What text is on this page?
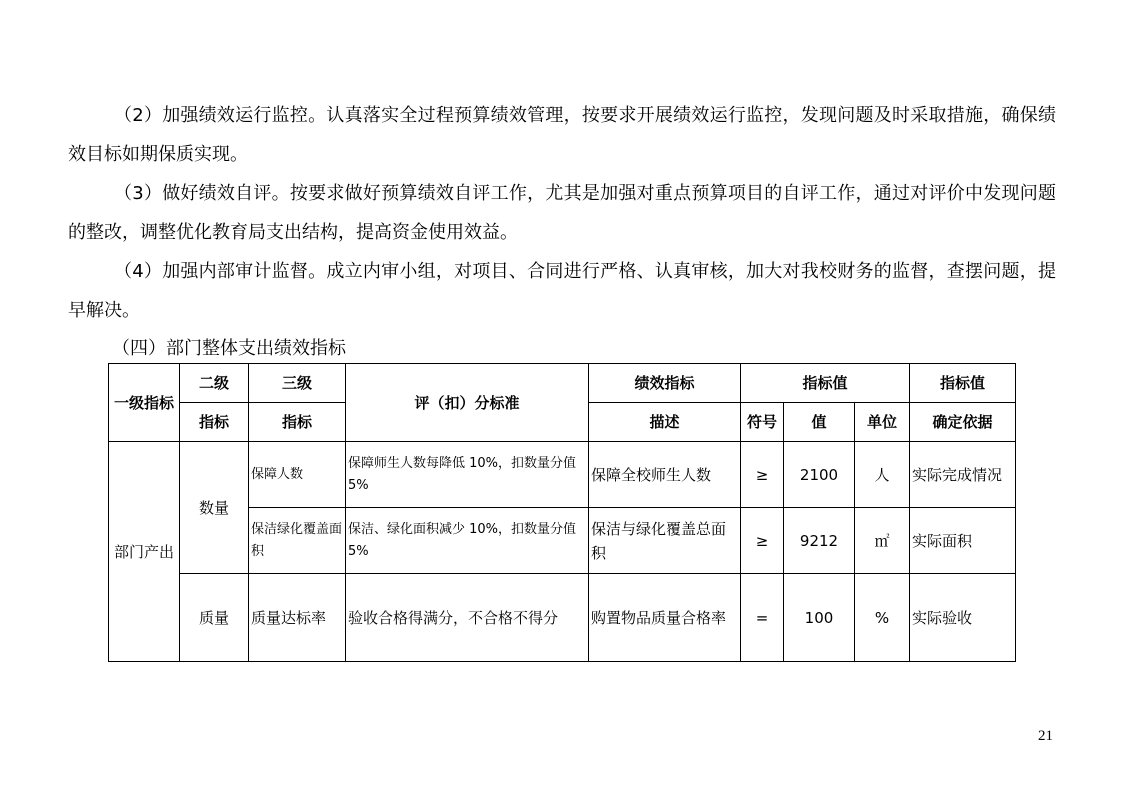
（2）加强绩效运行监控。认真落实全过程预算绩效管理，按要求开展绩效运行监控，发现问题及时采取措施，确保绩效目标如期保质实现。

（3）做好绩效自评。按要求做好预算绩效自评工作，尤其是加强对重点预算项目的自评工作，通过对评价中发现问题的整改，调整优化教育局支出结构，提高资金使用效益。

（4）加强内部审计监督。成立内审小组，对项目、合同进行严格、认真审核，加大对我校财务的监督，查摆问题，提早解决。

（四）部门整体支出绩效指标

一级指标	二级	三级	评（扣）分标准	绩效指标	指标值			指标值
	指标	指标		描述	符号	值	单位	确定依据
部门产出	数量	保障人数	保障师生人数每降低 10%，扣数量分值 5%	保障全校师生人数	≥	2100	人	实际完成情况
		保洁绿化覆盖面积	保洁、绿化面积减少 10%，扣数量分值 5%	保洁与绿化覆盖总面积	≥	9212	㎡	实际面积
	质量	质量达标率	验收合格得满分，不合格不得分	购置物品质量合格率	=	100	%	实际验收
21
